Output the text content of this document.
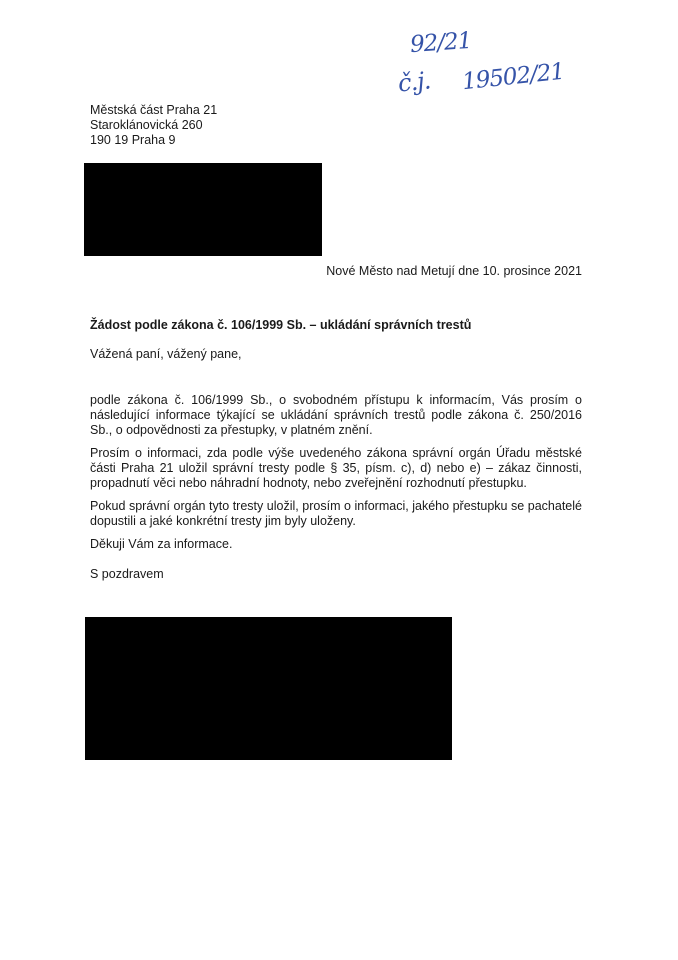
92/21
č.j. 19502/21
Městská část Praha 21
Staroklánovická 260
190 19 Praha 9
Nové Město nad Metují dne 10. prosince 2021
Žádost podle zákona č. 106/1999 Sb. – ukládání správních trestů
Vážená paní, vážený pane,

podle zákona č. 106/1999 Sb., o svobodném přístupu k informacím, Vás prosím o následující informace týkající se ukládání správních trestů podle zákona č. 250/2016 Sb., o odpovědnosti za přestupky, v platném znění.

Prosím o informaci, zda podle výše uvedeného zákona správní orgán Úřadu městské části Praha 21 uložil správní tresty podle § 35, písm. c), d) nebo e) – zákaz činnosti, propadnutí věci nebo náhradní hodnoty, nebo zveřejnění rozhodnutí přestupku.

Pokud správní orgán tyto tresty uložil, prosím o informaci, jakého přestupku se pachatelé dopustili a jaké konkrétní tresty jim byly uloženy.

Děkuji Vám za informace.

S pozdravem
